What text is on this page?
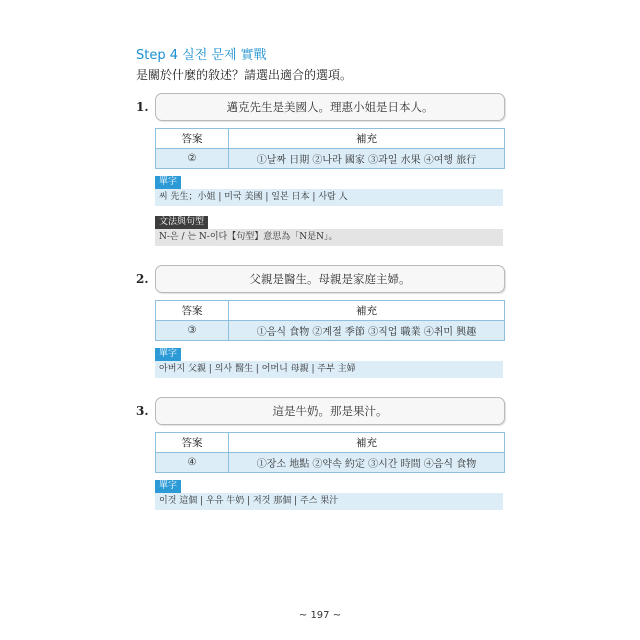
Step 4 실전 문제 實戰

是關於什麼的敘述？請選出適合的選項。

1.	邁克先生是美國人。理惠小姐是日本人。
答案	補充
②	①날짜 日期 ②나라 國家 ③과일 水果 ④여행 旅行
單字
씨 先生；小姐 | 미국 美國 | 일본 日本 | 사람 人
文法與句型
N-은 / 는 N-이다【句型】意思為「N是N」。
2.	父親是醫生。母親是家庭主婦。
答案	補充
③	①음식 食物 ②계절 季節 ③직업 職業 ④취미 興趣
單字
아버지 父親 | 의사 醫生 | 어머니 母親 | 주부 主婦
3.	這是牛奶。那是果汁。
答案	補充
④	①장소 地點 ②약속 約定 ③시간 時間 ④음식 食物
單字
이것 這個 | 우유 牛奶 | 저것 那個 | 주스 果汁
~ 197 ~
